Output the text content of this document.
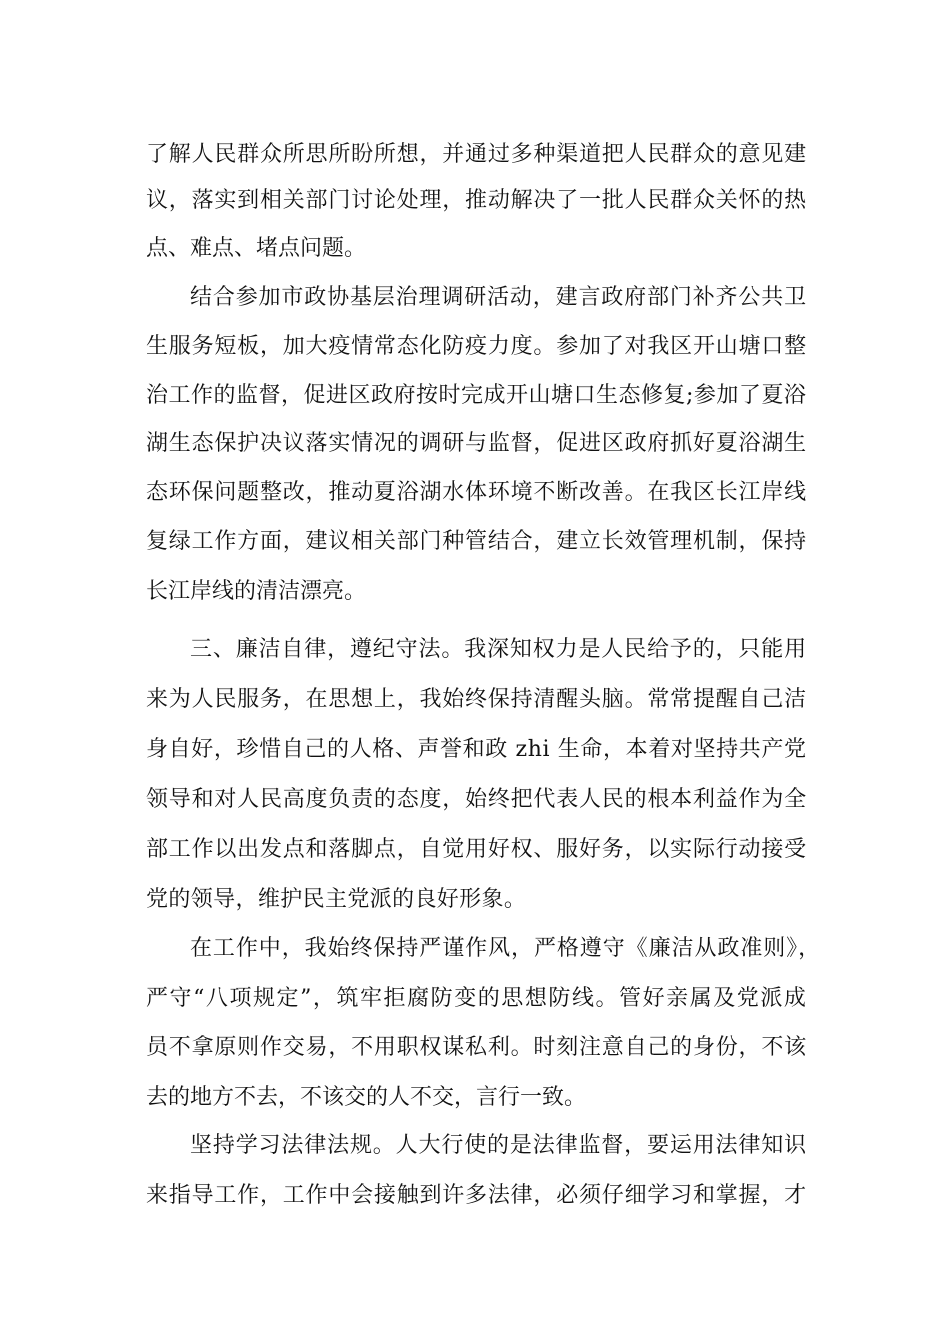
了解人民群众所思所盼所想，并通过多种渠道把人民群众的意见建
议，落实到相关部门讨论处理，推动解决了一批人民群众关怀的热
点、难点、堵点问题。
结合参加市政协基层治理调研活动，建言政府部门补齐公共卫
生服务短板，加大疫情常态化防疫力度。参加了对我区开山塘口整
治工作的监督，促进区政府按时完成开山塘口生态修复;参加了夏浴
湖生态保护决议落实情况的调研与监督，促进区政府抓好夏浴湖生
态环保问题整改，推动夏浴湖水体环境不断改善。在我区长江岸线
复绿工作方面，建议相关部门种管结合，建立长效管理机制，保持
长江岸线的清洁漂亮。
三、廉洁自律，遵纪守法。我深知权力是人民给予的，只能用
来为人民服务，在思想上，我始终保持清醒头脑。常常提醒自己洁
身自好，珍惜自己的人格、声誉和政 zhi 生命，本着对坚持共产党
领导和对人民高度负责的态度，始终把代表人民的根本利益作为全
部工作以出发点和落脚点，自觉用好权、服好务，以实际行动接受
党的领导，维护民主党派的良好形象。
在工作中，我始终保持严谨作风，严格遵守《廉洁从政准则》，
严守“八项规定”，筑牢拒腐防变的思想防线。管好亲属及党派成
员不拿原则作交易，不用职权谋私利。时刻注意自己的身份，不该
去的地方不去，不该交的人不交，言行一致。
坚持学习法律法规。人大行使的是法律监督，要运用法律知识
来指导工作，工作中会接触到许多法律，必须仔细学习和掌握，才
